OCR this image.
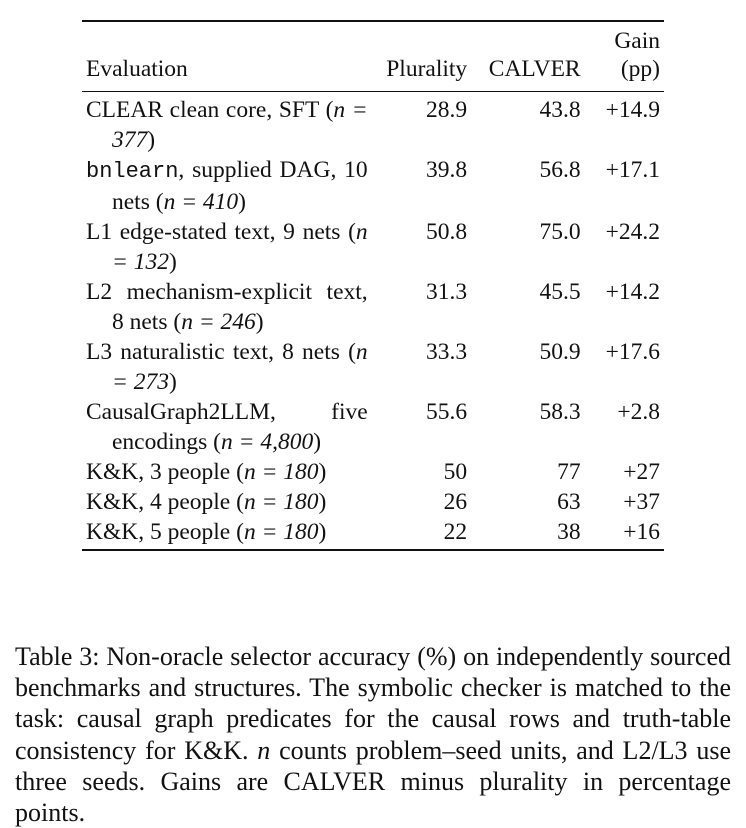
Evaluation	Plurality	CALVER	Gain
(pp)

CLEAR clean core, SFT (n = 377)	28.9	43.8	+14.9

bnlearn, supplied DAG, 10 nets (n = 410)	39.8	56.8	+17.1

L1 edge-stated text, 9 nets (n = 132)	50.8	75.0	+24.2

L2 mechanism-explicit text, 8 nets (n = 246)	31.3	45.5	+14.2

L3 naturalistic text, 8 nets (n = 273)	33.3	50.9	+17.6

CausalGraph2LLM, five encodings (n = 4,800)	55.6	58.3	+2.8

K&K, 3 people (n = 180)	50	77	+27

K&K, 4 people (n = 180)	26	63	+37

K&K, 5 people (n = 180)	22	38	+16

Table 3: Non-oracle selector accuracy (%) on independently sourced benchmarks and structures. The symbolic checker is matched to the task: causal graph predicates for the causal rows and truth-table consistency for K&K. n counts problem–seed units, and L2/L3 use three seeds. Gains are CALVER minus plurality in percentage points.
